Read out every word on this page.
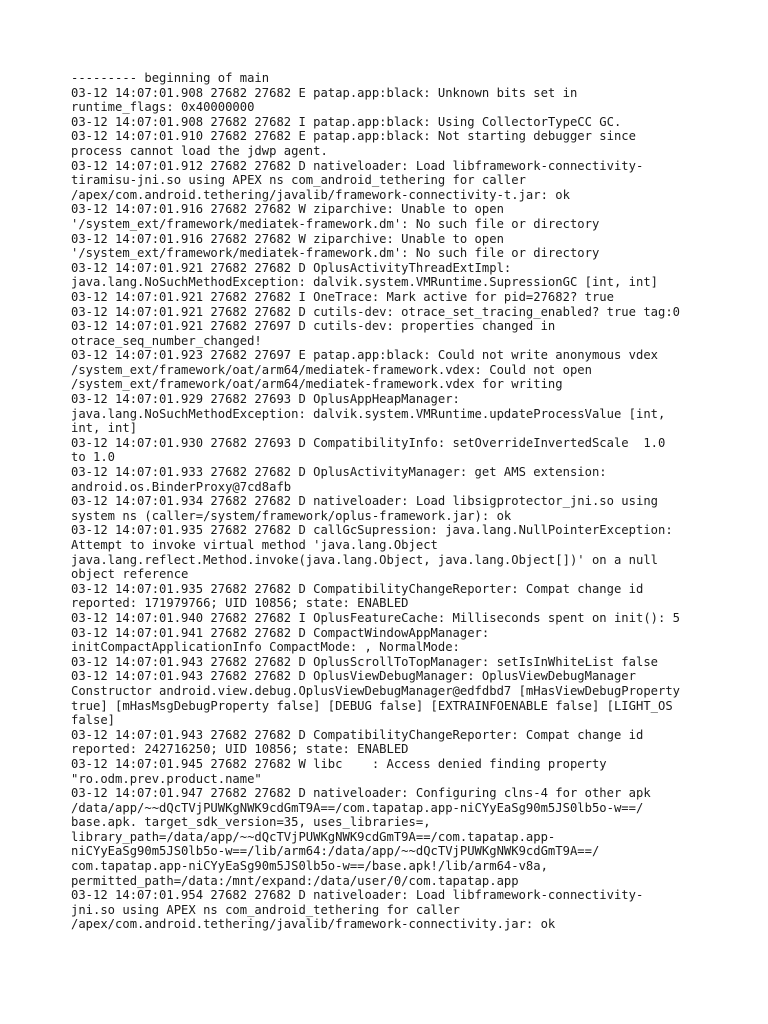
--------- beginning of main
03-12 14:07:01.908 27682 27682 E patap.app:black: Unknown bits set in
runtime_flags: 0x40000000
03-12 14:07:01.908 27682 27682 I patap.app:black: Using CollectorTypeCC GC.
03-12 14:07:01.910 27682 27682 E patap.app:black: Not starting debugger since
process cannot load the jdwp agent.
03-12 14:07:01.912 27682 27682 D nativeloader: Load libframework-connectivity-
tiramisu-jni.so using APEX ns com_android_tethering for caller
/apex/com.android.tethering/javalib/framework-connectivity-t.jar: ok
03-12 14:07:01.916 27682 27682 W ziparchive: Unable to open
'/system_ext/framework/mediatek-framework.dm': No such file or directory
03-12 14:07:01.916 27682 27682 W ziparchive: Unable to open
'/system_ext/framework/mediatek-framework.dm': No such file or directory
03-12 14:07:01.921 27682 27682 D OplusActivityThreadExtImpl:
java.lang.NoSuchMethodException: dalvik.system.VMRuntime.SupressionGC [int, int]
03-12 14:07:01.921 27682 27682 I OneTrace: Mark active for pid=27682? true
03-12 14:07:01.921 27682 27682 D cutils-dev: otrace_set_tracing_enabled? true tag:0
03-12 14:07:01.921 27682 27697 D cutils-dev: properties changed in
otrace_seq_number_changed!
03-12 14:07:01.923 27682 27697 E patap.app:black: Could not write anonymous vdex
/system_ext/framework/oat/arm64/mediatek-framework.vdex: Could not open
/system_ext/framework/oat/arm64/mediatek-framework.vdex for writing
03-12 14:07:01.929 27682 27693 D OplusAppHeapManager:
java.lang.NoSuchMethodException: dalvik.system.VMRuntime.updateProcessValue [int,
int, int]
03-12 14:07:01.930 27682 27693 D CompatibilityInfo: setOverrideInvertedScale  1.0
to 1.0
03-12 14:07:01.933 27682 27682 D OplusActivityManager: get AMS extension:
android.os.BinderProxy@7cd8afb
03-12 14:07:01.934 27682 27682 D nativeloader: Load libsigprotector_jni.so using
system ns (caller=/system/framework/oplus-framework.jar): ok
03-12 14:07:01.935 27682 27682 D callGcSupression: java.lang.NullPointerException:
Attempt to invoke virtual method 'java.lang.Object
java.lang.reflect.Method.invoke(java.lang.Object, java.lang.Object[])' on a null
object reference
03-12 14:07:01.935 27682 27682 D CompatibilityChangeReporter: Compat change id
reported: 171979766; UID 10856; state: ENABLED
03-12 14:07:01.940 27682 27682 I OplusFeatureCache: Milliseconds spent on init(): 5
03-12 14:07:01.941 27682 27682 D CompactWindowAppManager:
initCompactApplicationInfo CompactMode: , NormalMode:
03-12 14:07:01.943 27682 27682 D OplusScrollToTopManager: setIsInWhiteList false
03-12 14:07:01.943 27682 27682 D OplusViewDebugManager: OplusViewDebugManager
Constructor android.view.debug.OplusViewDebugManager@edfdbd7 [mHasViewDebugProperty
true] [mHasMsgDebugProperty false] [DEBUG false] [EXTRAINFOENABLE false] [LIGHT_OS
false]
03-12 14:07:01.943 27682 27682 D CompatibilityChangeReporter: Compat change id
reported: 242716250; UID 10856; state: ENABLED
03-12 14:07:01.945 27682 27682 W libc    : Access denied finding property
"ro.odm.prev.product.name"
03-12 14:07:01.947 27682 27682 D nativeloader: Configuring clns-4 for other apk
/data/app/~~dQcTVjPUWKgNWK9cdGmT9A==/com.tapatap.app-niCYyEaSg90m5JS0lb5o-w==/
base.apk. target_sdk_version=35, uses_libraries=,
library_path=/data/app/~~dQcTVjPUWKgNWK9cdGmT9A==/com.tapatap.app-
niCYyEaSg90m5JS0lb5o-w==/lib/arm64:/data/app/~~dQcTVjPUWKgNWK9cdGmT9A==/
com.tapatap.app-niCYyEaSg90m5JS0lb5o-w==/base.apk!/lib/arm64-v8a,
permitted_path=/data:/mnt/expand:/data/user/0/com.tapatap.app
03-12 14:07:01.954 27682 27682 D nativeloader: Load libframework-connectivity-
jni.so using APEX ns com_android_tethering for caller
/apex/com.android.tethering/javalib/framework-connectivity.jar: ok
